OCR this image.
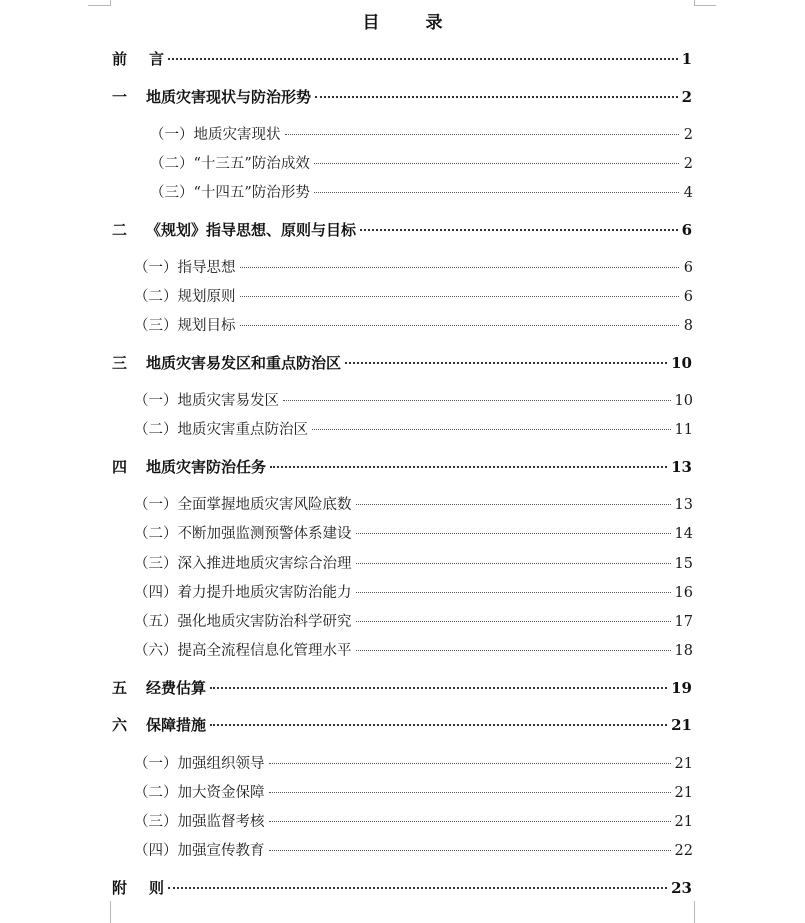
目 录
前	言	1
一	地质灾害现状与防治形势	2
（一） 地质灾害现状	2
（二） “十三五”防治成效	2
（三） “十四五”防治形势	4
二	《规划》指导思想、原则与目标	6
（一） 指导思想	6
（二） 规划原则	6
（三） 规划目标	8
三	地质灾害易发区和重点防治区	10
（一） 地质灾害易发区	10
（二） 地质灾害重点防治区	11
四	地质灾害防治任务	13
（一） 全面掌握地质灾害风险底数	13
（二） 不断加强监测预警体系建设	14
（三） 深入推进地质灾害综合治理	15
（四） 着力提升地质灾害防治能力	16
（五） 强化地质灾害防治科学研究	17
（六） 提高全流程信息化管理水平	18
五	经费估算	19
六	保障措施	21
（一） 加强组织领导	21
（二） 加大资金保障	21
（三） 加强监督考核	21
（四） 加强宣传教育	22
附	则	23
